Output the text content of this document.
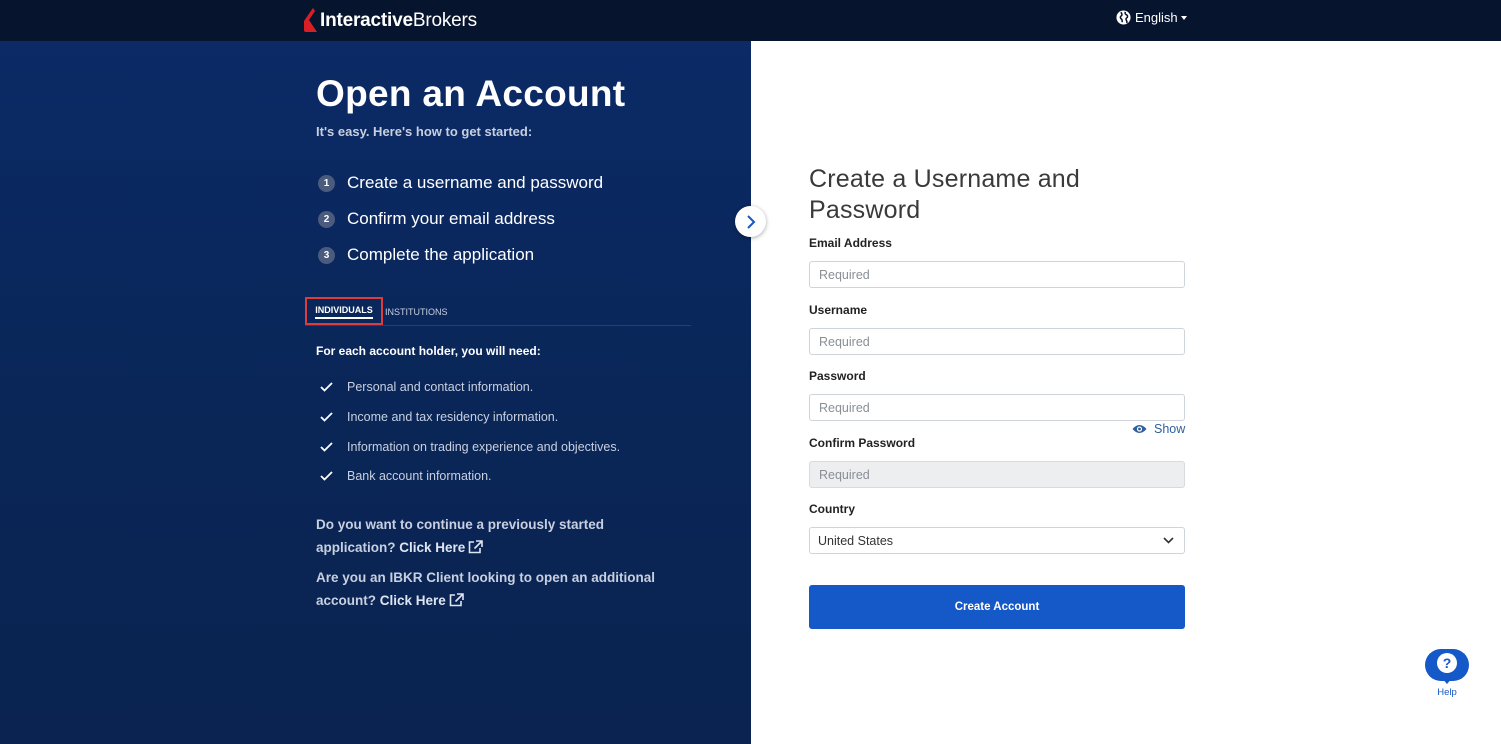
InteractiveBrokers	English
Open an Account
It's easy. Here's how to get started:
1	Create a username and password
2	Confirm your email address
3	Complete the application
INDIVIDUALS INSTITUTIONS
For each account holder, you will need:
Personal and contact information.
Income and tax residency information.
Information on trading experience and objectives.
Bank account information.
Do you want to continue a previously started application? Click Here
Are you an IBKR Client looking to open an additional account? Click Here
Create a Username and Password
Email Address
Required
Username
Required
Password
Show
Confirm Password
Country
United States
Create Account
?
Help
